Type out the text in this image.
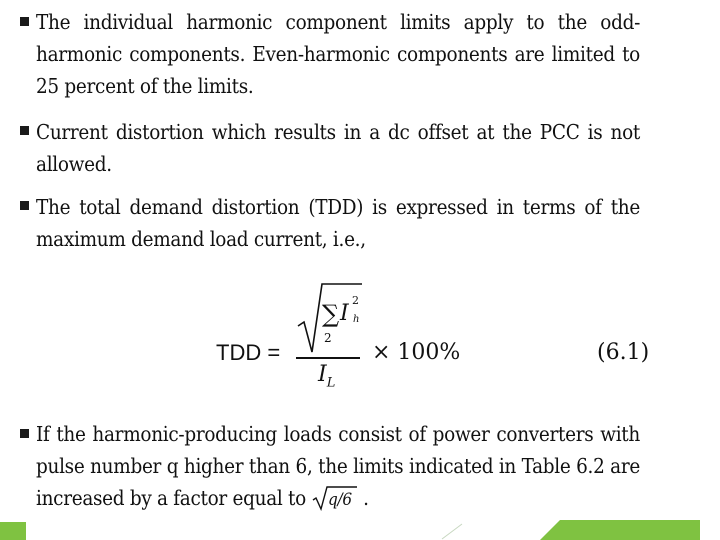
The individual harmonic component limits apply to the odd-harmonic components. Even-harmonic components are limited to 25 percent of the limits.
Current distortion which results in a dc offset at the PCC is not allowed.
The total demand distortion (TDD) is expressed in terms of the maximum demand load current, i.e.,
TDD =
∑
2
I
2
h
$I_L$
× 100%	(6.1)
If the harmonic-producing loads consist of power converters with pulse number q higher than 6, the limits indicated in Table 6.2 are increased by a factor equal to q/6 .
